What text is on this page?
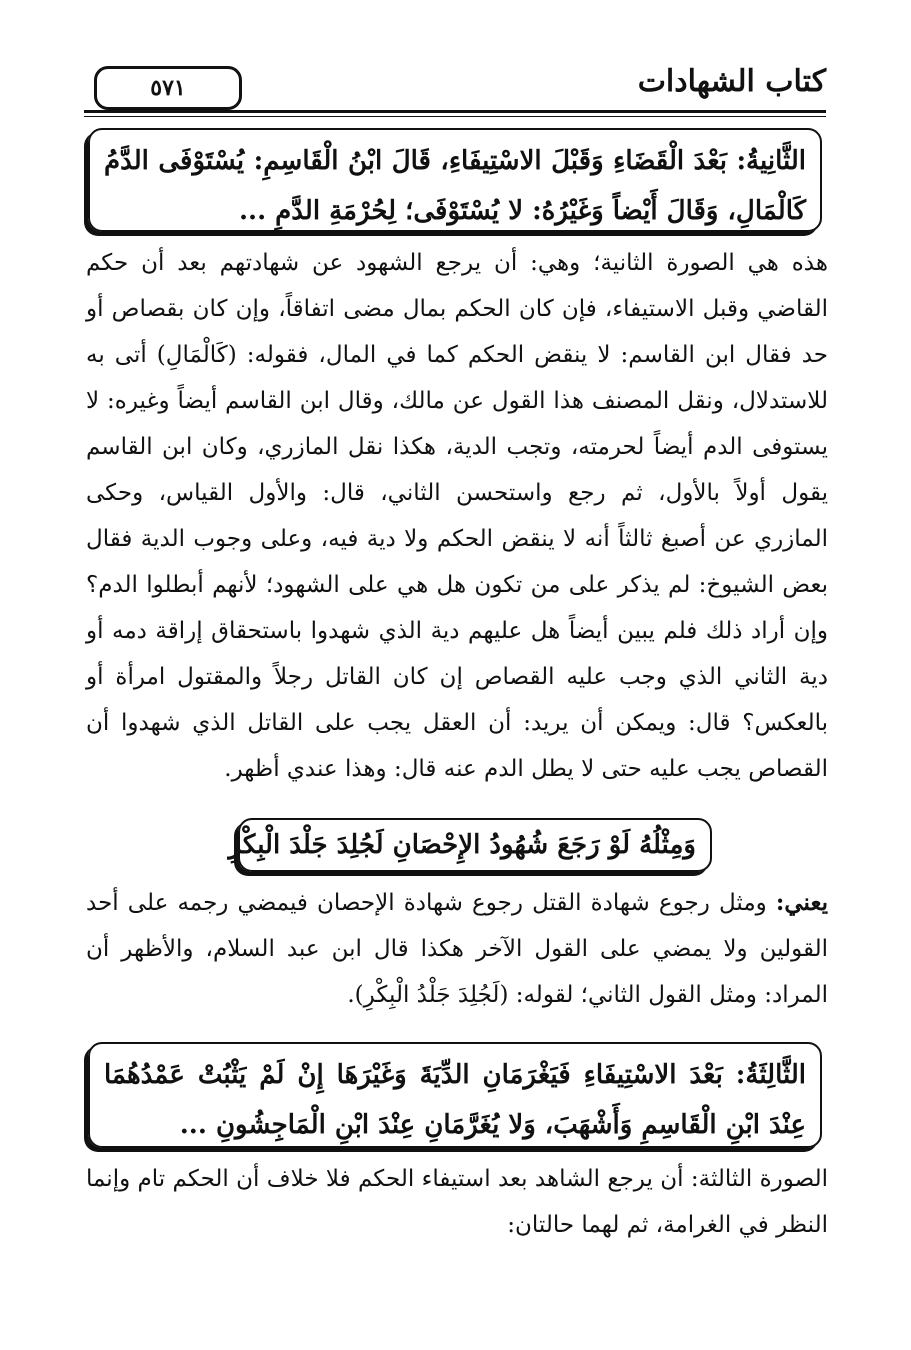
كتاب الشهادات
٥٧١
الثَّانِيةُ: بَعْدَ الْقَضَاءِ وَقَبْلَ الاسْتِيفَاءِ، قَالَ ابْنُ الْقَاسِمِ: يُسْتَوْفَى الدَّمُ كَالْمَالِ، وَقَالَ أَيْضاً وَغَيْرُهُ: لا يُسْتَوْفَى؛ لِحُرْمَةِ الدَّمِ ...
هذه هي الصورة الثانية؛ وهي: أن يرجع الشهود عن شهادتهم بعد أن حكم القاضي وقبل الاستيفاء، فإن كان الحكم بمال مضى اتفاقاً، وإن كان بقصاص أو حد فقال ابن القاسم: لا ينقض الحكم كما في المال، فقوله: (كَالْمَالِ) أتى به للاستدلال، ونقل المصنف هذا القول عن مالك، وقال ابن القاسم أيضاً وغيره: لا يستوفى الدم أيضاً لحرمته، وتجب الدية، هكذا نقل المازري، وكان ابن القاسم يقول أولاً بالأول، ثم رجع واستحسن الثاني، قال: والأول القياس، وحكى المازري عن أصبغ ثالثاً أنه لا ينقض الحكم ولا دية فيه، وعلى وجوب الدية فقال بعض الشيوخ: لم يذكر على من تكون هل هي على الشهود؛ لأنهم أبطلوا الدم؟ وإن أراد ذلك فلم يبين أيضاً هل عليهم دية الذي شهدوا باستحقاق إراقة دمه أو دية الثاني الذي وجب عليه القصاص إن كان القاتل رجلاً والمقتول امرأة أو بالعكس؟ قال: ويمكن أن يريد: أن العقل يجب على القاتل الذي شهدوا أن القصاص يجب عليه حتى لا يطل الدم عنه قال: وهذا عندي أظهر.
وَمِثْلُهُ لَوْ رَجَعَ شُهُودُ الإِحْصَانِ لَجُلِدَ جَلْدَ الْبِكْرِ
يعني: ومثل رجوع شهادة القتل رجوع شهادة الإحصان فيمضي رجمه على أحد القولين ولا يمضي على القول الآخر هكذا قال ابن عبد السلام، والأظهر أن المراد: ومثل القول الثاني؛ لقوله: (لَجُلِدَ جَلْدُ الْبِكْرِ).
الثَّالِثَةُ: بَعْدَ الاسْتِيفَاءِ فَيَغْرَمَانِ الدِّيَةَ وَغَيْرَهَا إِنْ لَمْ يَثْبُتْ عَمْدُهُمَا عِنْدَ ابْنِ الْقَاسِمِ وَأَشْهَبَ، وَلا يُغَرَّمَانِ عِنْدَ ابْنِ الْمَاجِشُونِ ...
الصورة الثالثة: أن يرجع الشاهد بعد استيفاء الحكم فلا خلاف أن الحكم تام وإنما النظر في الغرامة، ثم لهما حالتان:
